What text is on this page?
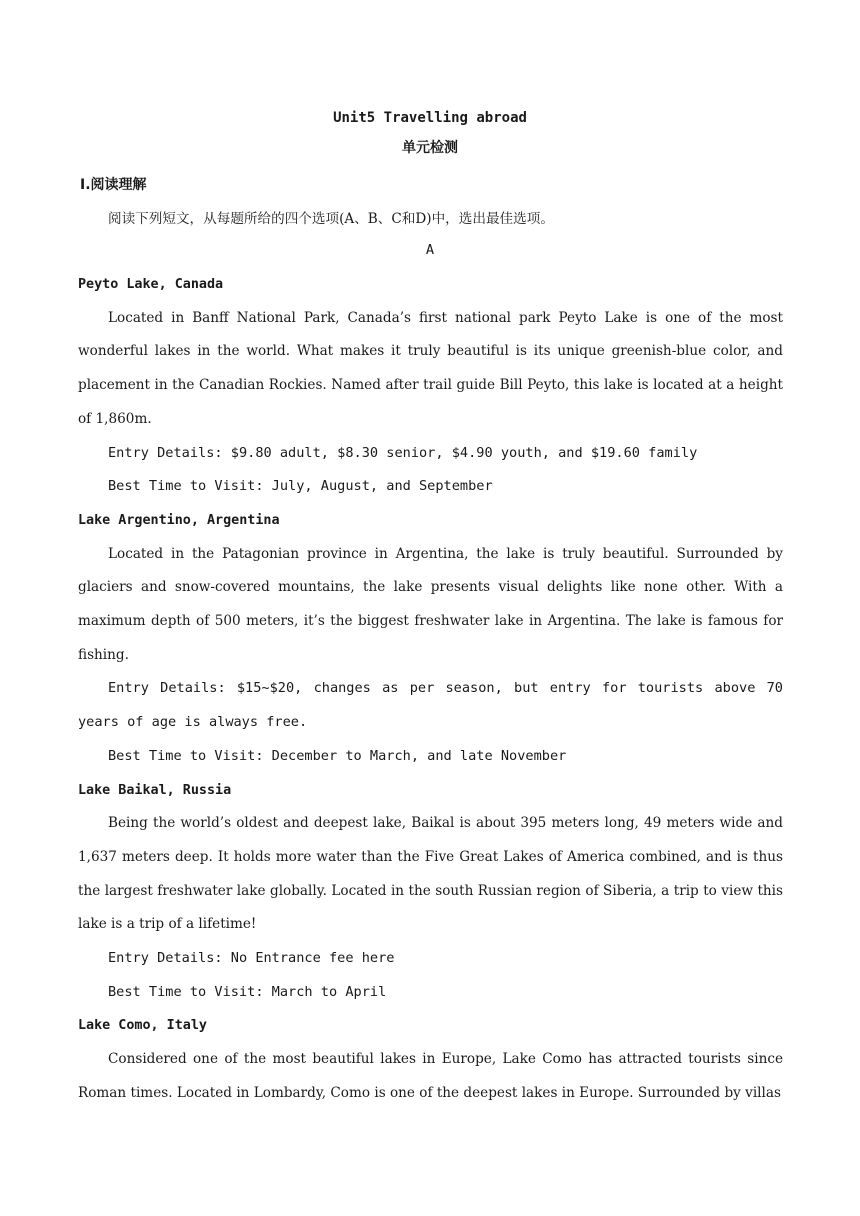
Unit5 Travelling abroad
单元检测
Ⅰ.阅读理解
阅读下列短文，从每题所给的四个选项(A、B、C和D)中，选出最佳选项。
A

Peyto Lake, Canada

Located in Banff National Park, Canada’s first national park Peyto Lake is one of the most wonderful lakes in the world. What makes it truly beautiful is its unique greenish-blue color, and placement in the Canadian Rockies. Named after trail guide Bill Peyto, this lake is located at a height of 1,860m.

Entry Details: $9.80 adult, $8.30 senior, $4.90 youth, and $19.60 family

Best Time to Visit: July, August, and September

Lake Argentino, Argentina

Located in the Patagonian province in Argentina, the lake is truly beautiful. Surrounded by glaciers and snow-covered mountains, the lake presents visual delights like none other. With a maximum depth of 500 meters, it’s the biggest freshwater lake in Argentina. The lake is famous for fishing.

Entry Details: $15~$20, changes as per season, but entry for tourists above 70 years of age is always free.

Best Time to Visit: December to March, and late November

Lake Baikal, Russia

Being the world’s oldest and deepest lake, Baikal is about 395 meters long, 49 meters wide and 1,637 meters deep. It holds more water than the Five Great Lakes of America combined, and is thus the largest freshwater lake globally. Located in the south Russian region of Siberia, a trip to view this lake is a trip of a lifetime!

Entry Details: No Entrance fee here

Best Time to Visit: March to April

Lake Como, Italy

Considered one of the most beautiful lakes in Europe, Lake Como has attracted tourists since Roman times. Located in Lombardy, Como is one of the deepest lakes in Europe. Surrounded by villas
